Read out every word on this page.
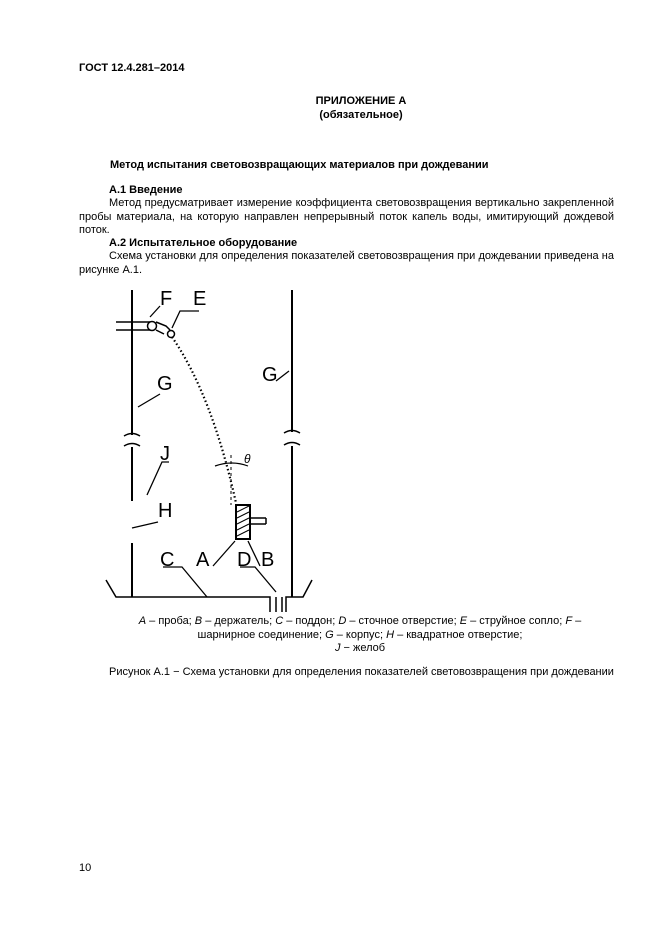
ГОСТ 12.4.281–2014
ПРИЛОЖЕНИЕ А
(обязательное)
Метод испытания световозвращающих материалов при дождевании
А.1 Введение
Метод предусматривает измерение коэффициента световозвращения вертикально закрепленной пробы материала, на которую направлен непрерывный поток капель воды, имитирующий дождевой поток.
А.2 Испытательное оборудование
Схема установки для определения показателей световозвращения при дождевании приведена на рисунке А.1.
F E
G	G
J
H
C A D B
θ
A – проба; B – держатель; C – поддон; D – сточное отверстие; E – струйное сопло; F –
шарнирное соединение; G – корпус; H – квадратное отверстие;
J − желоб
Рисунок А.1 − Схема установки для определения показателей световозвращения при дождевании
10
